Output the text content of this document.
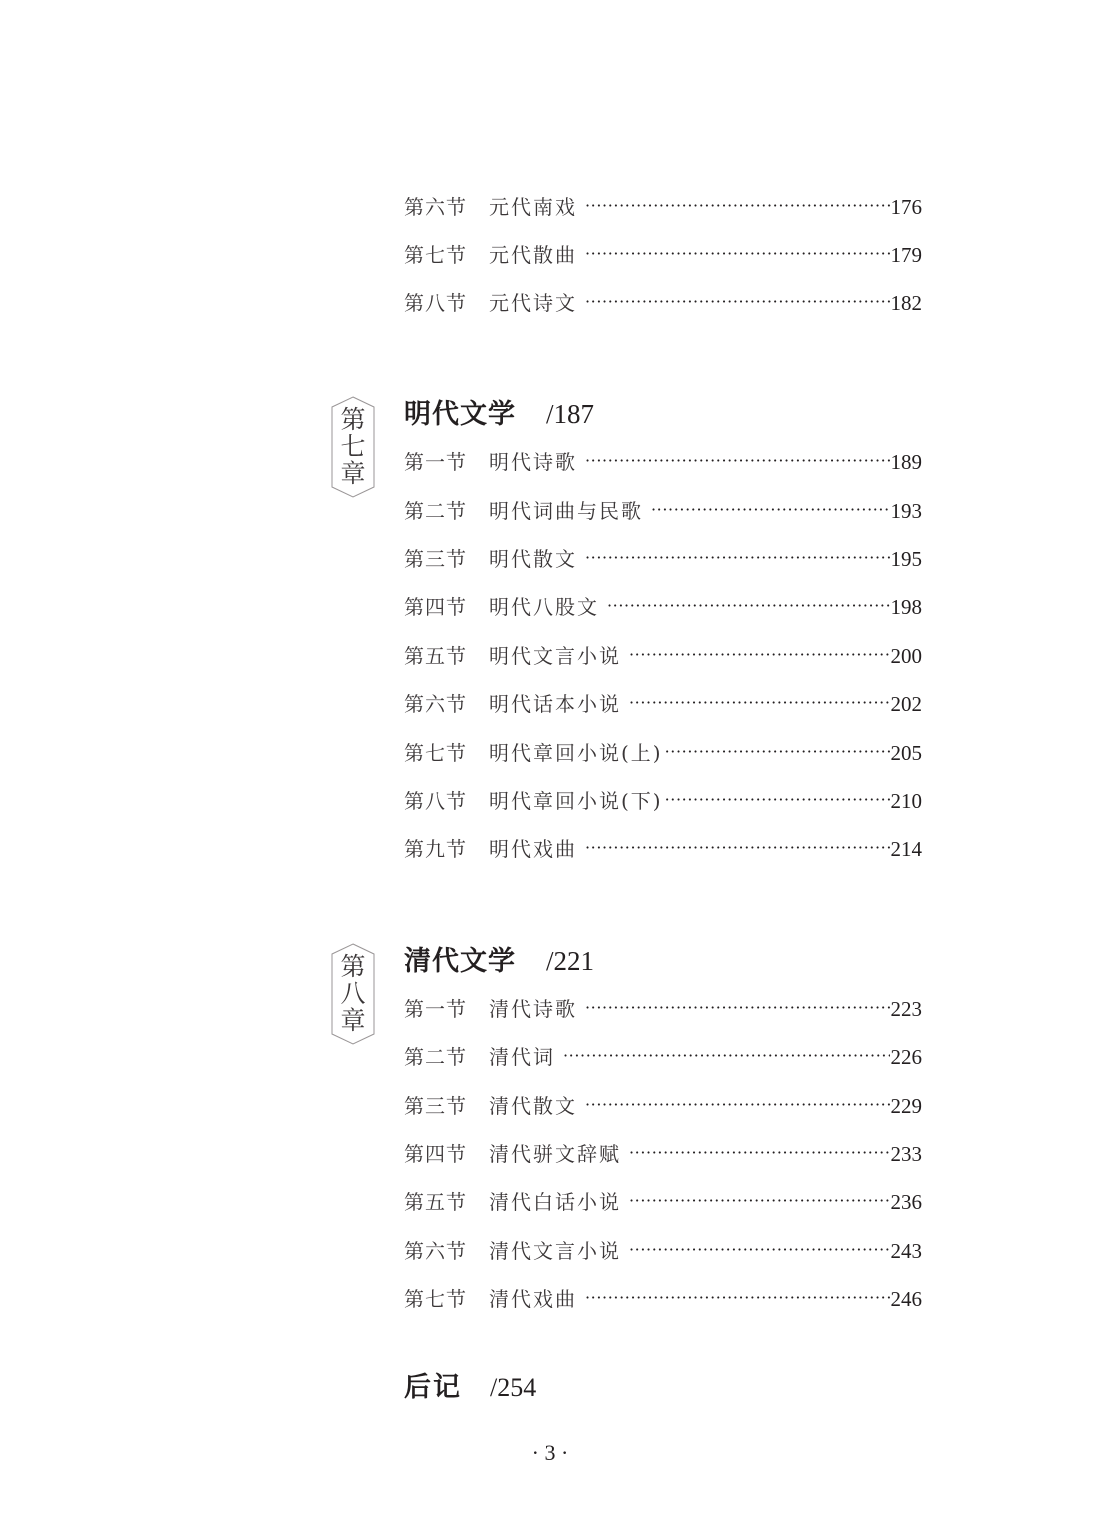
第六节 元代南戏 ·····	176
第七节 元代散曲 ·····	179
第八节 元代诗文 ·····	182
第
七
章
明代文学 /187
第一节 明代诗歌 ·····	189
第二节 明代词曲与民歌 ·····	193
第三节 明代散文 ·····	195
第四节 明代八股文 ·····	198
第五节 明代文言小说 ·····	200
第六节 明代话本小说 ·····	202
第七节 明代章回小说(上) ·····	205
第八节 明代章回小说(下) ·····	210
第九节 明代戏曲 ·····	214
第
八
章
清代文学 /221
第一节 清代诗歌 ·····	223
第二节 清代词 ·····	226
第三节 清代散文 ·····	229
第四节 清代骈文辞赋 ·····	233
第五节 清代白话小说 ·····	236
第六节 清代文言小说 ·····	243
第七节 清代戏曲 ·····	246
后记 /254
· 3 ·
